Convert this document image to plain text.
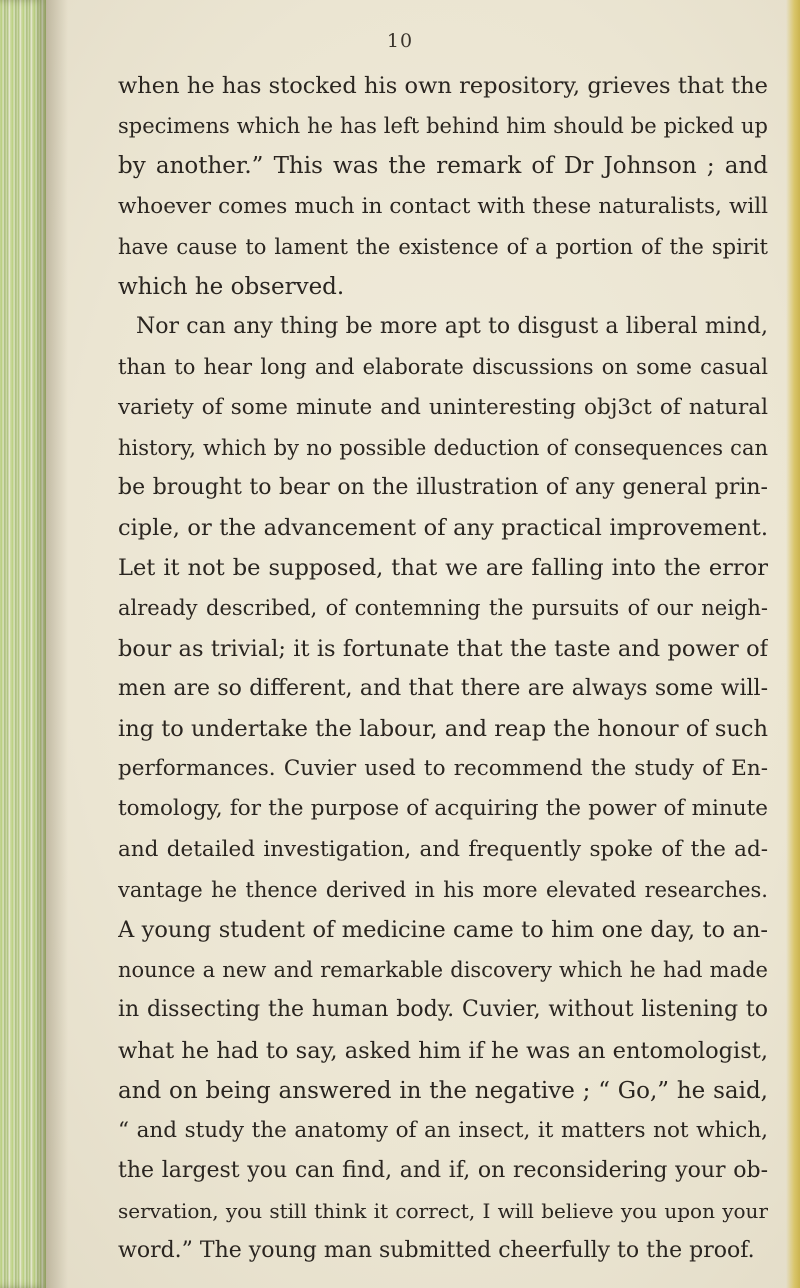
10
when he has stocked his own repository, grieves that the
specimens which he has left behind him should be picked up
by another.” This was the remark of Dr Johnson ; and
whoever comes much in contact with these naturalists, will
have cause to lament the existence of a portion of the spirit
which he observed.
Nor can any thing be more apt to disgust a liberal mind,
than to hear long and elaborate discussions on some casual
variety of some minute and uninteresting obj3ct of natural
history, which by no possible deduction of consequences can
be brought to bear on the illustration of any general prin-
ciple, or the advancement of any practical improvement.
Let it not be supposed, that we are falling into the error
already described, of contemning the pursuits of our neigh-
bour as trivial; it is fortunate that the taste and power of
men are so different, and that there are always some will-
ing to undertake the labour, and reap the honour of such
performances. Cuvier used to recommend the study of En-
tomology, for the purpose of acquiring the power of minute
and detailed investigation, and frequently spoke of the ad-
vantage he thence derived in his more elevated researches.
A young student of medicine came to him one day, to an-
nounce a new and remarkable discovery which he had made
in dissecting the human body. Cuvier, without listening to
what he had to say, asked him if he was an entomologist,
and on being answered in the negative ; “ Go,” he said,
“ and study the anatomy of an insect, it matters not which,
the largest you can find, and if, on reconsidering your ob-
servation, you still think it correct, I will believe you upon your
word.” The young man submitted cheerfully to the proof.
